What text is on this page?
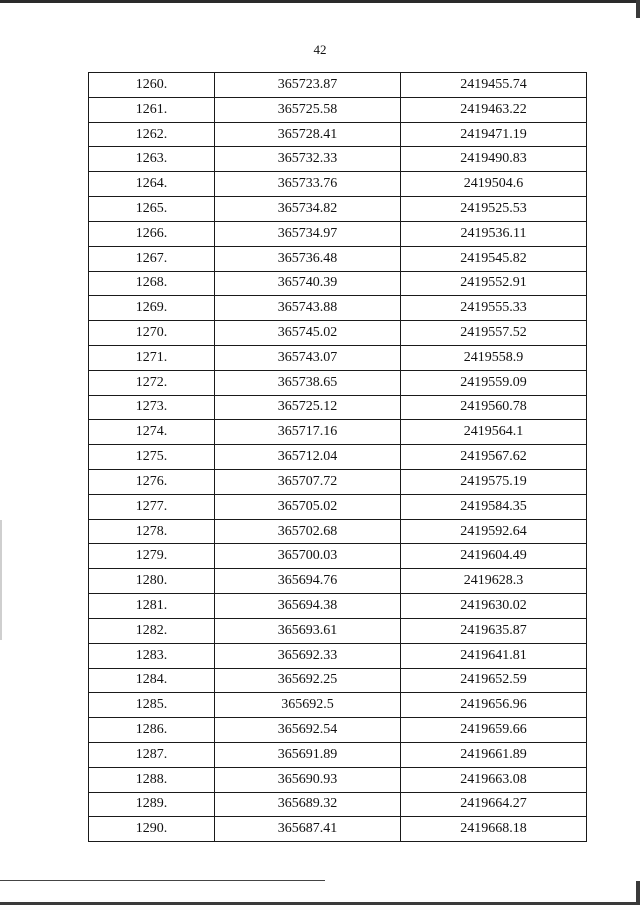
42
1260.	365723.87	2419455.74
1261.	365725.58	2419463.22
1262.	365728.41	2419471.19
1263.	365732.33	2419490.83
1264.	365733.76	2419504.6
1265.	365734.82	2419525.53
1266.	365734.97	2419536.11
1267.	365736.48	2419545.82
1268.	365740.39	2419552.91
1269.	365743.88	2419555.33
1270.	365745.02	2419557.52
1271.	365743.07	2419558.9
1272.	365738.65	2419559.09
1273.	365725.12	2419560.78
1274.	365717.16	2419564.1
1275.	365712.04	2419567.62
1276.	365707.72	2419575.19
1277.	365705.02	2419584.35
1278.	365702.68	2419592.64
1279.	365700.03	2419604.49
1280.	365694.76	2419628.3
1281.	365694.38	2419630.02
1282.	365693.61	2419635.87
1283.	365692.33	2419641.81
1284.	365692.25	2419652.59
1285.	365692.5	2419656.96
1286.	365692.54	2419659.66
1287.	365691.89	2419661.89
1288.	365690.93	2419663.08
1289.	365689.32	2419664.27
1290.	365687.41	2419668.18
